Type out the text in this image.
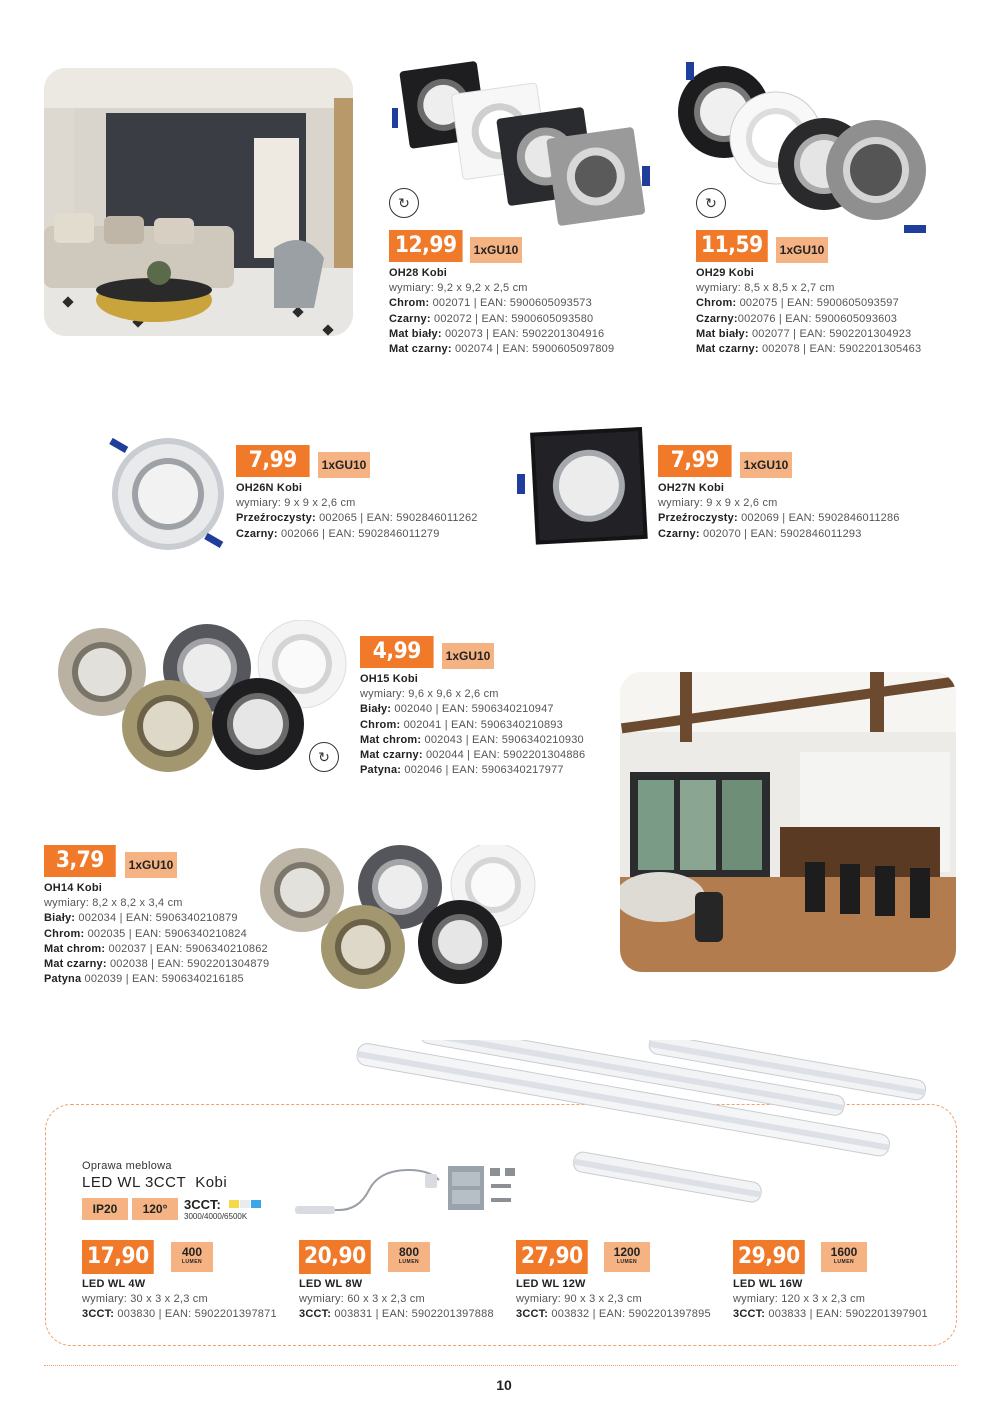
↻	↻
12,99	1xGU10
OH28 Kobi
wymiary: 9,2 x 9,2 x 2,5 cm
Chrom: 002071 | EAN: 5900605093573
Czarny: 002072 | EAN: 5900605093580
Mat biały: 002073 | EAN: 5902201304916
Mat czarny: 002074 | EAN: 5900605097809
11,59	1xGU10
OH29 Kobi
wymiary: 8,5 x 8,5 x 2,7 cm
Chrom: 002075 | EAN: 5900605093597
Czarny:002076 | EAN: 5900605093603
Mat biały: 002077 | EAN: 5902201304923
Mat czarny: 002078 | EAN: 5902201305463
7,99	1xGU10
OH26N Kobi
wymiary: 9 x 9 x 2,6 cm
Przeźroczysty: 002065 | EAN: 5902846011262
Czarny: 002066 | EAN: 5902846011279
7,99	1xGU10
OH27N Kobi
wymiary: 9 x 9 x 2,6 cm
Przeźroczysty: 002069 | EAN: 5902846011286
Czarny: 002070 | EAN: 5902846011293
↻
4,99	1xGU10
OH15 Kobi
wymiary: 9,6 x 9,6 x 2,6 cm
Biały: 002040 | EAN: 5906340210947
Chrom: 002041 | EAN: 5906340210893
Mat chrom: 002043 | EAN: 5906340210930
Mat czarny: 002044 | EAN: 5902201304886
Patyna: 002046 | EAN: 5906340217977
3,79	1xGU10
OH14 Kobi
wymiary: 8,2 x 8,2 x 3,4 cm
Biały: 002034 | EAN: 5906340210879
Chrom: 002035 | EAN: 5906340210824
Mat chrom: 002037 | EAN: 5906340210862
Mat czarny: 002038 | EAN: 5902201304879
Patyna 002039 | EAN: 5906340216185
Oprawa meblowa
LED WL 3CCT  Kobi
IP20	120°	3CCT:
3000/4000/6500K
17,90	400
LUMEN
LED WL 4W
wymiary: 30 x 3 x 2,3 cm
3CCT: 003830 | EAN: 5902201397871
20,90	800
LUMEN
LED WL 8W
wymiary: 60 x 3 x 2,3 cm
3CCT: 003831 | EAN: 5902201397888
27,90	1200
LUMEN
LED WL 12W
wymiary: 90 x 3 x 2,3 cm
3CCT: 003832 | EAN: 5902201397895
29,90	1600
LUMEN
LED WL 16W
wymiary: 120 x 3 x 2,3 cm
3CCT: 003833 | EAN: 5902201397901
10
